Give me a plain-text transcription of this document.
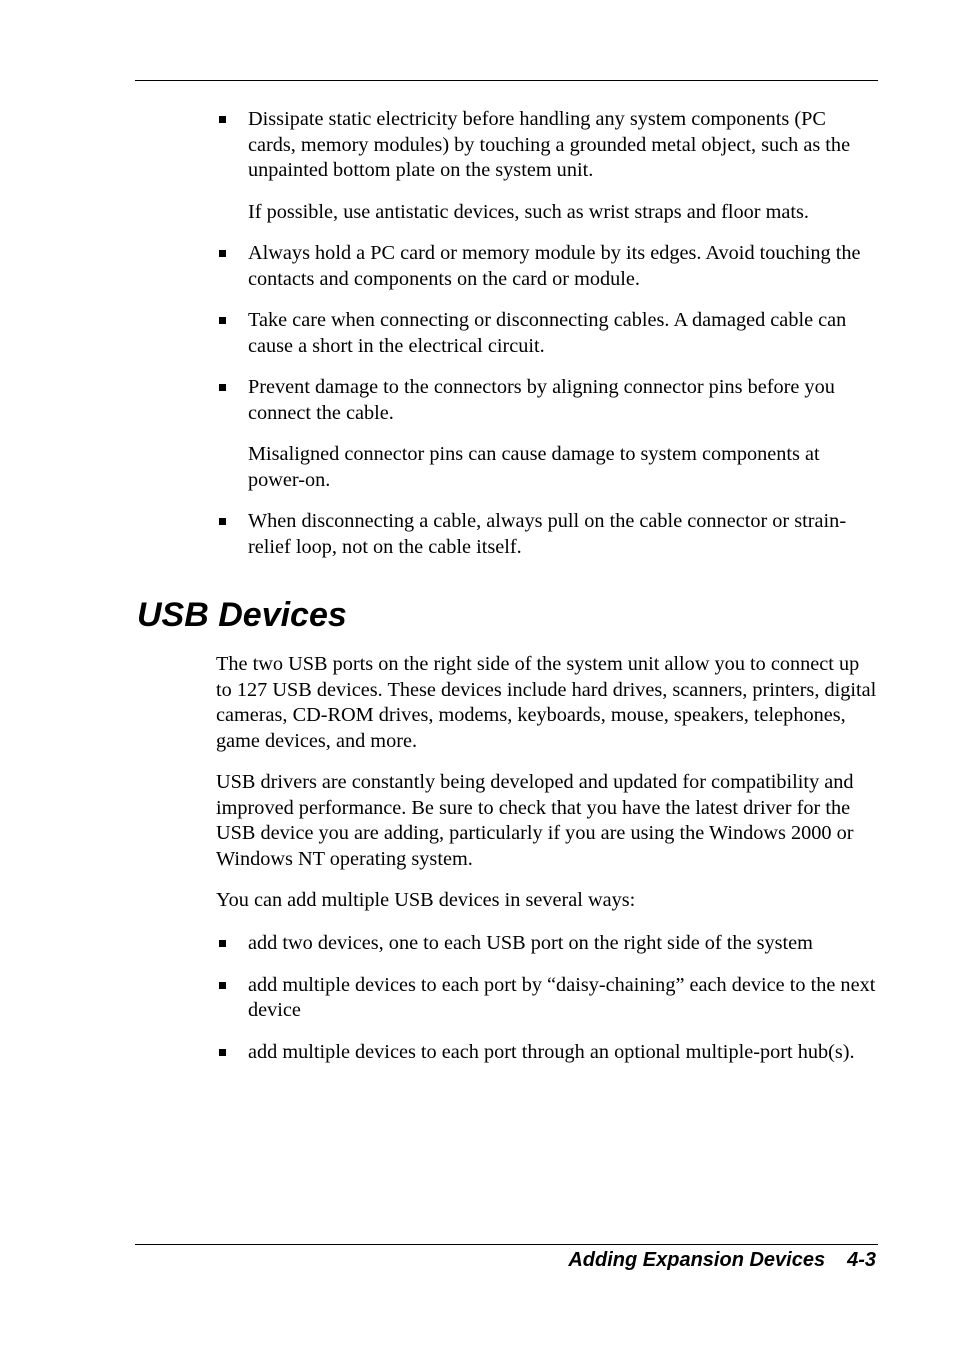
Dissipate static electricity before handling any system components (PC cards, memory modules) by touching a grounded metal object, such as the unpainted bottom plate on the system unit.
If possible, use antistatic devices, such as wrist straps and floor mats.
Always hold a PC card or memory module by its edges. Avoid touching the contacts and components on the card or module.
Take care when connecting or disconnecting cables. A damaged cable can cause a short in the electrical circuit.
Prevent damage to the connectors by aligning connector pins before you connect the cable.
Misaligned connector pins can cause damage to system components at power-on.
When disconnecting a cable, always pull on the cable connector or strain-relief loop, not on the cable itself.
USB Devices

The two USB ports on the right side of the system unit allow you to connect up to 127 USB devices. These devices include hard drives, scanners, printers, digital cameras, CD-ROM drives, modems, keyboards, mouse, speakers, telephones, game devices, and more.

USB drivers are constantly being developed and updated for compatibility and improved performance. Be sure to check that you have the latest driver for the USB device you are adding, particularly if you are using the Windows 2000 or Windows NT operating system.

You can add multiple USB devices in several ways:

add two devices, one to each USB port on the right side of the system
add multiple devices to each port by “daisy-chaining” each device to the next device
add multiple devices to each port through an optional multiple-port hub(s).
Adding Expansion Devices 4-3
